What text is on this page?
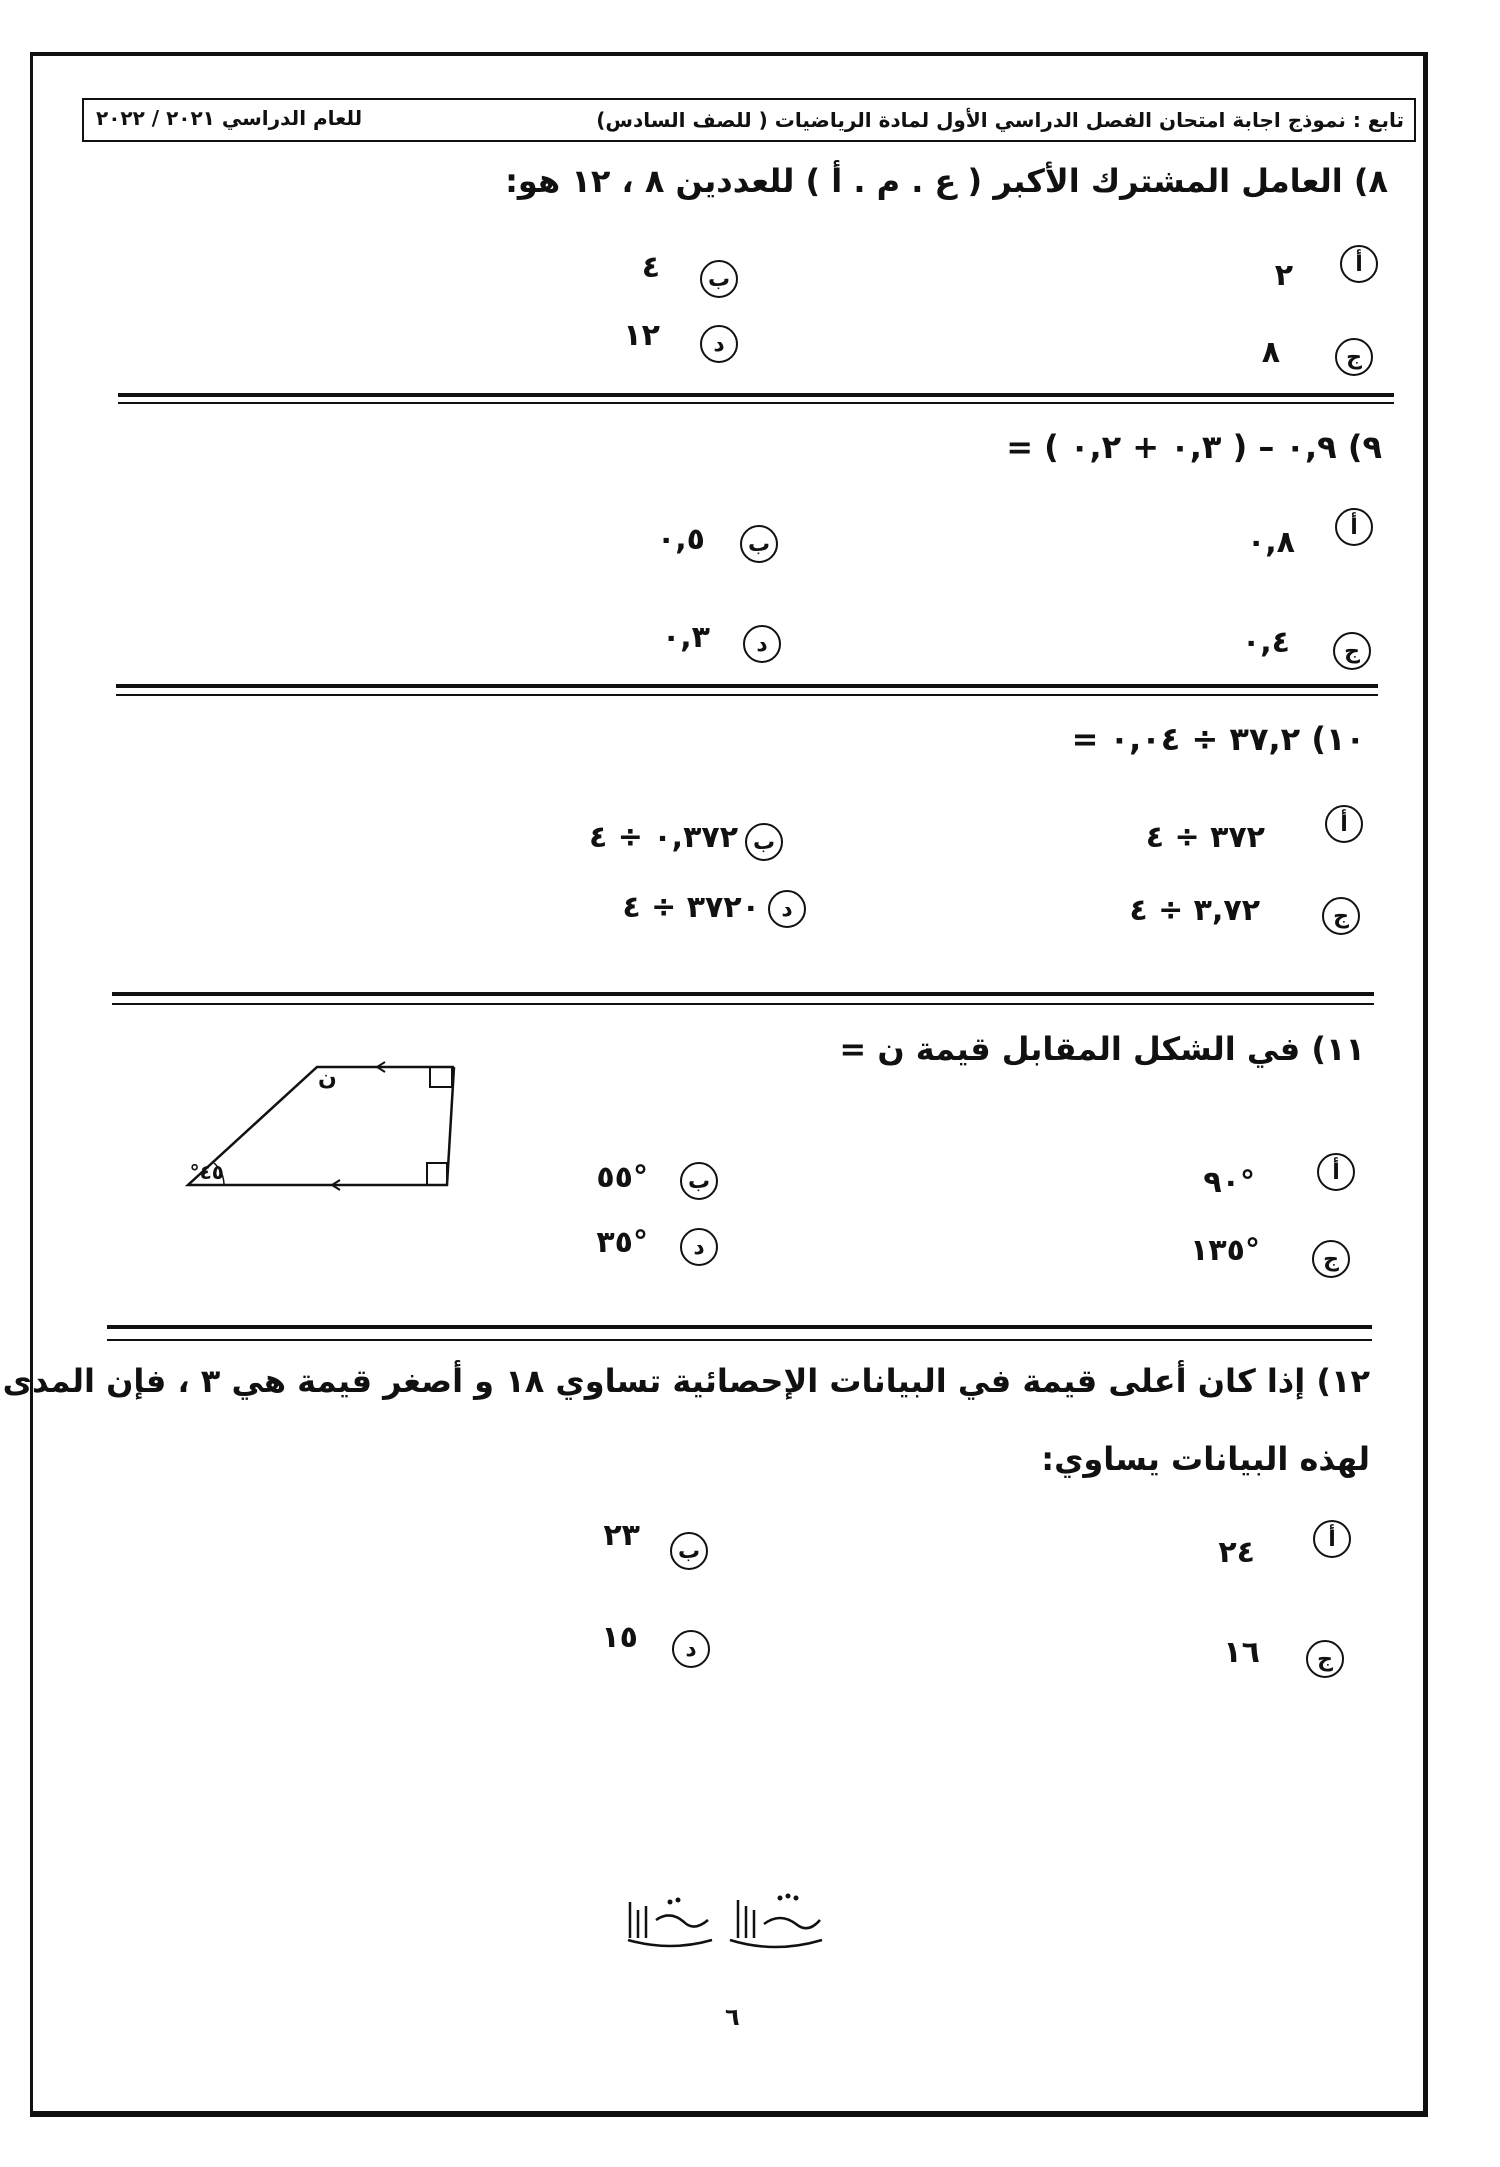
تابع : نموذج اجابة امتحان الفصل الدراسي الأول لمادة الرياضيات ( للصف السادس)
للعام الدراسي ٢٠٢١ / ٢٠٢٢
٨) العامل المشترك الأكبر ( ع . م . أ ) للعددين ٨ ، ١٢ هو:
أ
٢
ب
٤
ج
٨
د
١٢
٩) ٠,٩ – ( ٠,٣ + ٠,٢ ) =
أ
٠,٨
ب
٠,٥
ج
٠,٤
د
٠,٣
١٠) ٣٧,٢ ÷ ٠,٠٤ =
أ
٣٧٢ ÷ ٤
ب
٠,٣٧٢ ÷ ٤
ج
٣,٧٢ ÷ ٤
د
٣٧٢٠ ÷ ٤
١١) في الشكل المقابل قيمة ن =
ن
٤٥°	أ
°٩٠
ب
°٥٥
ج
°١٣٥
د
°٣٥
١٢) إذا كان أعلى قيمة في البيانات الإحصائية تساوي ١٨ و أصغر قيمة هي ٣ ، فإن المدى
لهذه البيانات يساوي:
أ
٢٤
ب
٢٣
ج
١٦
د
١٥
٦
